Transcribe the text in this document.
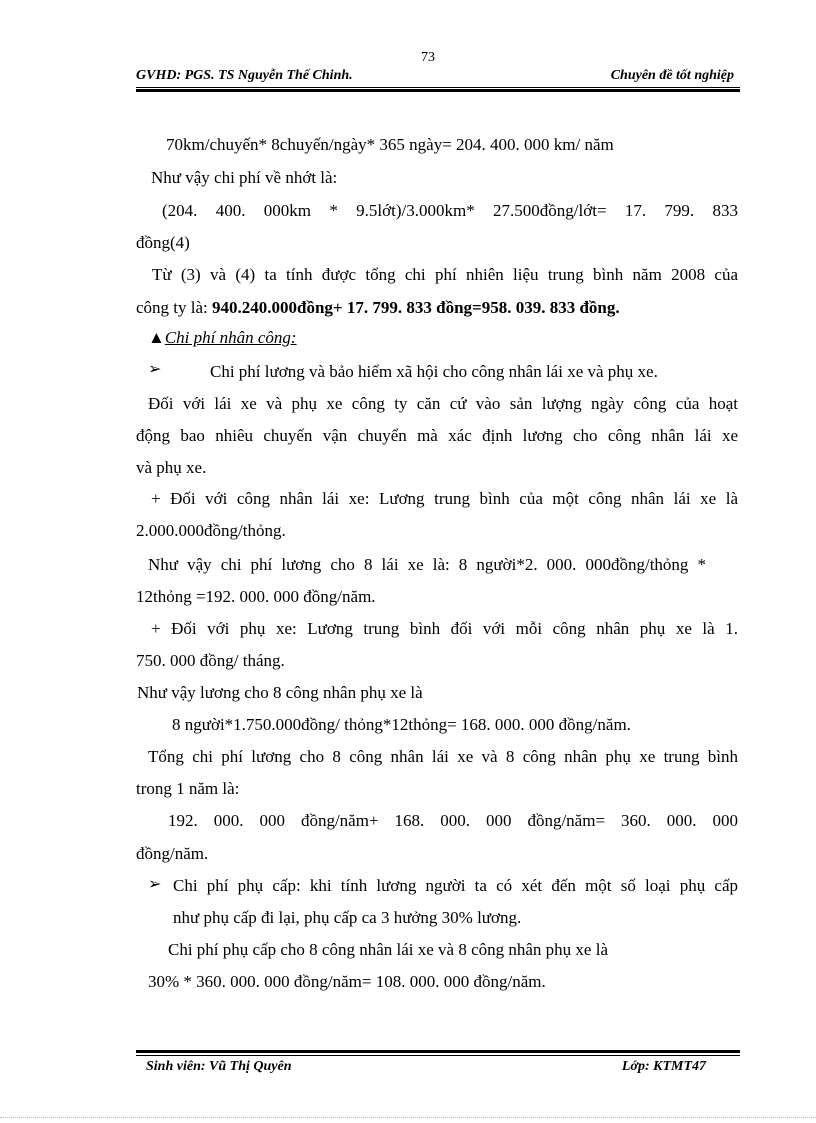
73
GVHD: PGS. TS Nguyễn Thế Chinh.	Chuyên đề tốt nghiệp
70km/chuyến* 8chuyến/ngày* 365 ngày= 204. 400. 000 km/ năm
Như vậy chi phí về nhớt là:
(204. 400. 000km * 9.5lớt)/3.000km* 27.500đồng/lớt= 17. 799. 833
đồng(4)
Từ (3) và (4) ta tính được tổng chi phí nhiên liệu trung bình năm 2008 của
công ty là: 940.240.000đồng+ 17. 799. 833 đồng=958. 039. 833 đồng.
▲Chi phí nhân công:
➢	Chi phí lương và bảo hiểm xã hội cho công nhân lái xe và phụ xe.
Đối với lái xe và phụ xe công ty căn cứ vào sản lượng ngày công của hoạt
động bao nhiêu chuyến vận chuyển mà xác định lương cho công nhân lái xe
và phụ xe.
+ Đối với công nhân lái xe: Lương trung bình của một công nhân lái xe là
2.000.000đồng/thỏng.
Như vậy chi phí lương cho 8 lái xe là: 8 người*2. 000. 000đồng/thỏng *
12thỏng =192. 000. 000 đồng/năm.
+ Đối với phụ xe: Lương trung bình đối với mỗi công nhân phụ xe là 1.
750. 000 đồng/ tháng.
Như vậy lương cho 8 công nhân phụ xe là
8 người*1.750.000đồng/ thỏng*12thỏng= 168. 000. 000 đồng/năm.
Tổng chi phí lương cho 8 công nhân lái xe và 8 công nhân phụ xe trung bình
trong 1 năm là:
192. 000. 000 đồng/năm+ 168. 000. 000 đồng/năm= 360. 000. 000
đồng/năm.
➢ Chi phí phụ cấp: khi tính lương người ta có xét đến một số loại phụ cấp
như phụ cấp đi lại, phụ cấp ca 3 hưởng 30% lương.
Chi phí phụ cấp cho 8 công nhân lái xe và 8 công nhân phụ xe là
30% * 360. 000. 000 đồng/năm= 108. 000. 000 đồng/năm.
Sinh viên: Vũ Thị Quyên	Lớp: KTMT47
